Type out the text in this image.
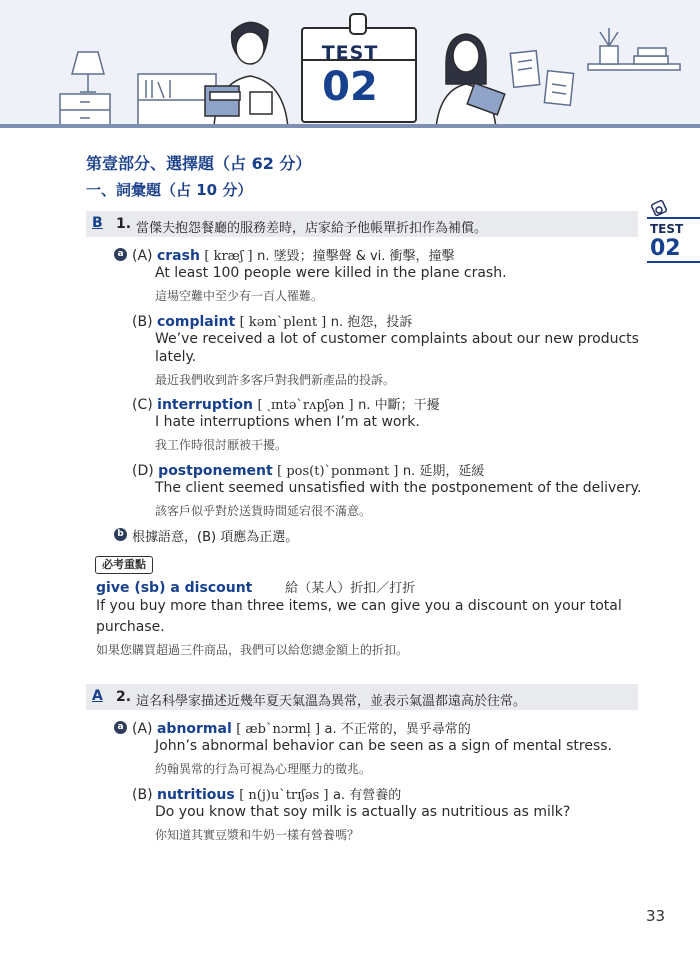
TEST
02
TEST
02
第壹部分、選擇題（占 62 分）
一、詞彙題（占 10 分）
B 1. 當傑夫抱怨餐廳的服務差時，店家給予他帳單折扣作為補償。
a (A) crash [ kræʃ ] n. 墜毀；撞擊聲 & vi. 衝擊，撞擊
At least 100 people were killed in the plane crash.
這場空難中至少有一百人罹難。
(B) complaint [ kəmˋplent ] n. 抱怨，投訴
We’ve received a lot of customer complaints about our new products
lately.
最近我們收到許多客戶對我們新產品的投訴。
(C) interruption [ ˏɪntəˋrʌpʃən ] n. 中斷；干擾
I hate interruptions when I’m at work.
我工作時很討厭被干擾。
(D) postponement [ pos(t)ˋponmənt ] n. 延期，延緩
The client seemed unsatisfied with the postponement of the delivery.
該客戶似乎對於送貨時間延宕很不滿意。
b 根據語意，(B) 項應為正選。
必考重點
give (sb) a discount	給（某人）折扣／打折
If you buy more than three items, we can give you a discount on your total
purchase.
如果您購買超過三件商品，我們可以給您總金額上的折扣。
A 2. 這名科學家描述近幾年夏天氣溫為異常，並表示氣溫都遠高於往常。
a (A) abnormal [ æbˋnɔrml̩ ] a. 不正常的，異乎尋常的
John’s abnormal behavior can be seen as a sign of mental stress.
約翰異常的行為可視為心理壓力的徵兆。
(B) nutritious [ n(j)uˋtrɪʃəs ] a. 有營養的
Do you know that soy milk is actually as nutritious as milk?
你知道其實豆漿和牛奶一樣有營養嗎？
33
